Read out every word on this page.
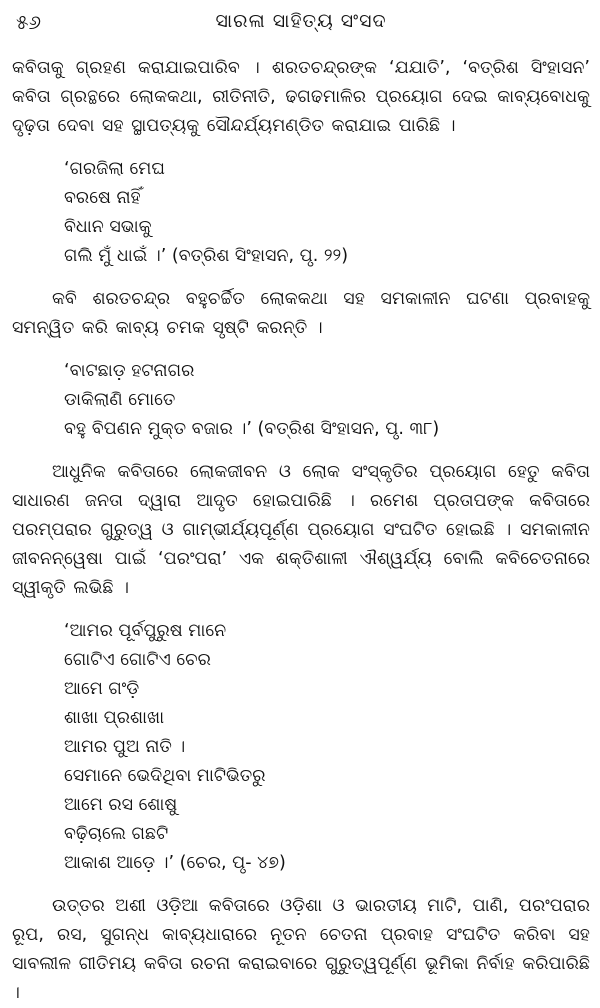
୫୬	ସାରଳା ସାହିତ୍ୟ ସଂସଦ

କବିତାକୁ ଗ୍ରହଣ କରାଯାଇପାରିବ । ଶରତଚନ୍ଦ୍ରଙ୍କ ‘ଯଯାତି’, ‘ବତ୍ରିଶ ସିଂହାସନ’ କବିତା ଗ୍ରନ୍ଥରେ ଲୋକକଥା, ରୀତିନୀତି, ଢଗଢମାଳିର ପ୍ରୟୋଗ ଦେଇ କାବ୍ୟବୋଧକୁ ଦୃଢ଼ତା ଦେବା ସହ ସ୍ଥାପତ୍ୟକୁ ସୌନ୍ଦର୍ଯ୍ୟମଣ୍ଡିତ କରାଯାଇ ପାରିଛି ।

‘ଗରଜିଲା ମେଘ
ବରଷେ ନାହିଁ
ବିଧାନ ସଭାକୁ
ଗଲି ମୁଁ ଧାଇଁ ।’ (ବତ୍ରିଶ ସିଂହାସନ, ପୃ. ୨୨)

କବି ଶରତଚନ୍ଦ୍ର ବହୁଚର୍ଚ୍ଚିତ ଲୋକକଥା ସହ ସମକାଳୀନ ଘଟଣା ପ୍ରବାହକୁ ସମନ୍ୱିତ କରି କାବ୍ୟ ଚମକ ସୃଷ୍ଟି କରନ୍ତି ।

‘ବାଟଛାଡ଼ ହଟନାଗର
ଡାକିଲାଣି ମୋତେ
ବହୁ ବିପଣନ ମୁକ୍ତ ବଜାର ।’ (ବତ୍ରିଶ ସିଂହାସନ, ପୃ. ୩୮)

ଆଧୁନିକ କବିତାରେ ଲୋକଜୀବନ ଓ ଲୋକ ସଂସ୍କୃତିର ପ୍ରୟୋଗ ହେତୁ କବିତା ସାଧାରଣ ଜନତା ଦ୍ୱାରା ଆଦୃତ ହୋଇପାରିଛି । ରମେଶ ପ୍ରତାପଙ୍କ କବିତାରେ ପରମ୍ପରାର ଗୁରୁତ୍ୱ ଓ ଗାମ୍ଭୀର୍ଯ୍ୟପୂର୍ଣ୍ଣ ପ୍ରୟୋଗ ସଂଘଟିତ ହୋଇଛି । ସମକାଳୀନ ଜୀବନନ୍ୱେଷା ପାଇଁ ‘ପରଂପରା’ ଏକ ଶକ୍ତିଶାଳୀ ଐଶ୍ୱର୍ଯ୍ୟ ବୋଲି କବିଚେତନାରେ ସ୍ୱୀକୃତି ଲଭିଛି ।

‘ଆମର ପୂର୍ବପୁରୁଷ ମାନେ
ଗୋଟିଏ ଗୋଟିଏ ଚେର
ଆମେ ଗଂଡ଼ି
ଶାଖା ପ୍ରଶାଖା
ଆମର ପୁଅ ନାତି ।
ସେମାନେ ଭେଦିଥିବା ମାଟିଭିତରୁ
ଆମେ ରସ ଶୋଷୁ
ବଢ଼ିଚାଲେ ଗଛଟି
ଆକାଶ ଆଡ଼େ ।’ (ଚେର, ପୃ- ୪୭)

ଉତ୍ତର ଅଶୀ ଓଡ଼ିଆ କବିତାରେ ଓଡ଼ିଶା ଓ ଭାରତୀୟ ମାଟି, ପାଣି, ପରଂପରାର ରୂପ, ରସ, ସୁଗନ୍ଧ କାବ୍ୟଧାରାରେ ନୂତନ ଚେତନା ପ୍ରବାହ ସଂଘଟିତ କରିବା ସହ ସାବଲୀଳ ଗୀତିମୟ କବିତା ରଚନା କରାଇବାରେ ଗୁରୁତ୍ୱପୂର୍ଣ୍ଣ ଭୂମିକା ନିର୍ବାହ କରିପାରିଛି ।
